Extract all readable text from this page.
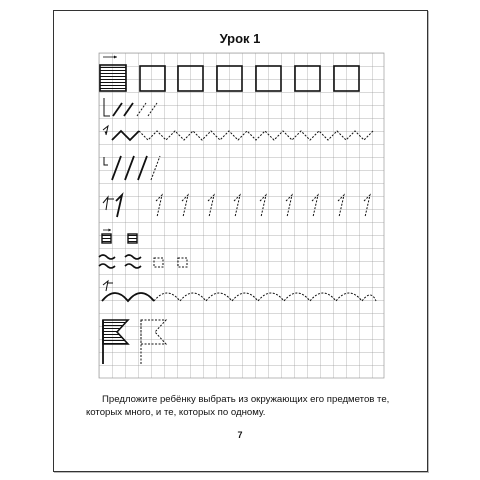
Урок 1
Предложите ребёнку выбрать из окружающих его предметов те, которых много, и те, которых по одному.
7
